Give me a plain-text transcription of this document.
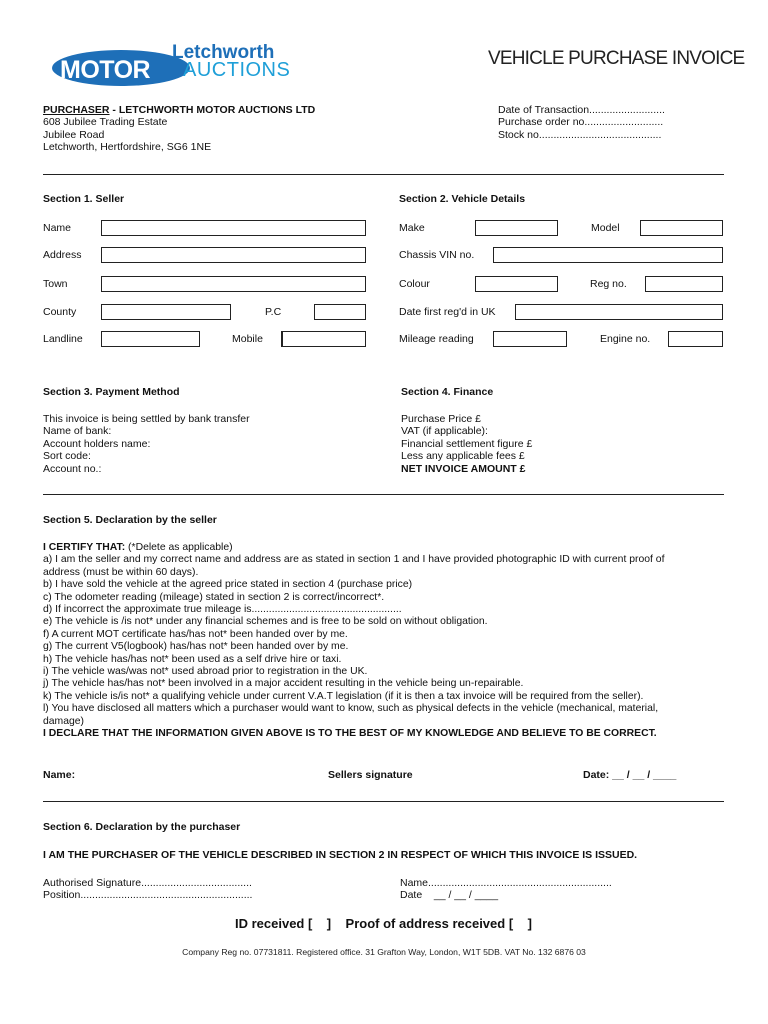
MOTOR
Letchworth
AUCTIONS
VEHICLE PURCHASE INVOICE
PURCHASER - LETCHWORTH MOTOR AUCTIONS LTD
608 Jubilee Trading Estate
Jubilee Road
Letchworth, Hertfordshire, SG6 1NE
Date of Transaction..........................
Purchase order no...........................
Stock no..........................................
Section 1. Seller
Name
Address
Town
County	P.C
Landline	Mobile
Section 2. Vehicle Details
Make	Model
Chassis VIN no.
Colour	Reg no.
Date first reg'd in UK
Mileage reading	Engine no.
Section 3. Payment Method
This invoice is being settled by bank transfer
Name of bank:
Account holders name:
Sort code:
Account no.:
Section 4. Finance
Purchase Price £
VAT (if applicable):
Financial settlement figure £
Less any applicable fees £
NET INVOICE AMOUNT £
Section 5. Declaration by the seller
I CERTIFY THAT: (*Delete as applicable)
a) I am the seller and my correct name and address are as stated in section 1 and I have provided photographic ID with current proof of
address (must be within 60 days).
b) I have sold the vehicle at the agreed price stated in section 4 (purchase price)
c) The odometer reading (mileage) stated in section 2 is correct/incorrect*.
d) If incorrect the approximate true mileage is....................................................
e) The vehicle is /is not* under any financial schemes and is free to be sold on without obligation.
f) A current MOT certificate has/has not* been handed over by me.
g) The current V5(logbook) has/has not* been handed over by me.
h) The vehicle has/has not* been used as a self drive hire or taxi.
i) The vehicle was/was not* used abroad prior to registration in the UK.
j) The vehicle has/has not* been involved in a major accident resulting in the vehicle being un-repairable.
k) The vehicle is/is not* a qualifying vehicle under current V.A.T legislation (if it is then a tax invoice will be required from the seller).
l) You have disclosed all matters which a purchaser would want to know, such as physical defects in the vehicle (mechanical, material,
damage)
I DECLARE THAT THE INFORMATION GIVEN ABOVE IS TO THE BEST OF MY KNOWLEDGE AND BELIEVE TO BE CORRECT.
Name:	Sellers signature	Date: __ / __ / ____
Section 6. Declaration by the purchaser
I AM THE PURCHASER OF THE VEHICLE DESCRIBED IN SECTION 2 IN RESPECT OF WHICH THIS INVOICE IS ISSUED.
Authorised Signature......................................
Position...........................................................
Name...............................................................
Date    __ / __ / ____
ID received [    ]    Proof of address received [    ]
Company Reg no. 07731811. Registered office. 31 Grafton Way, London, W1T 5DB. VAT No. 132 6876 03
